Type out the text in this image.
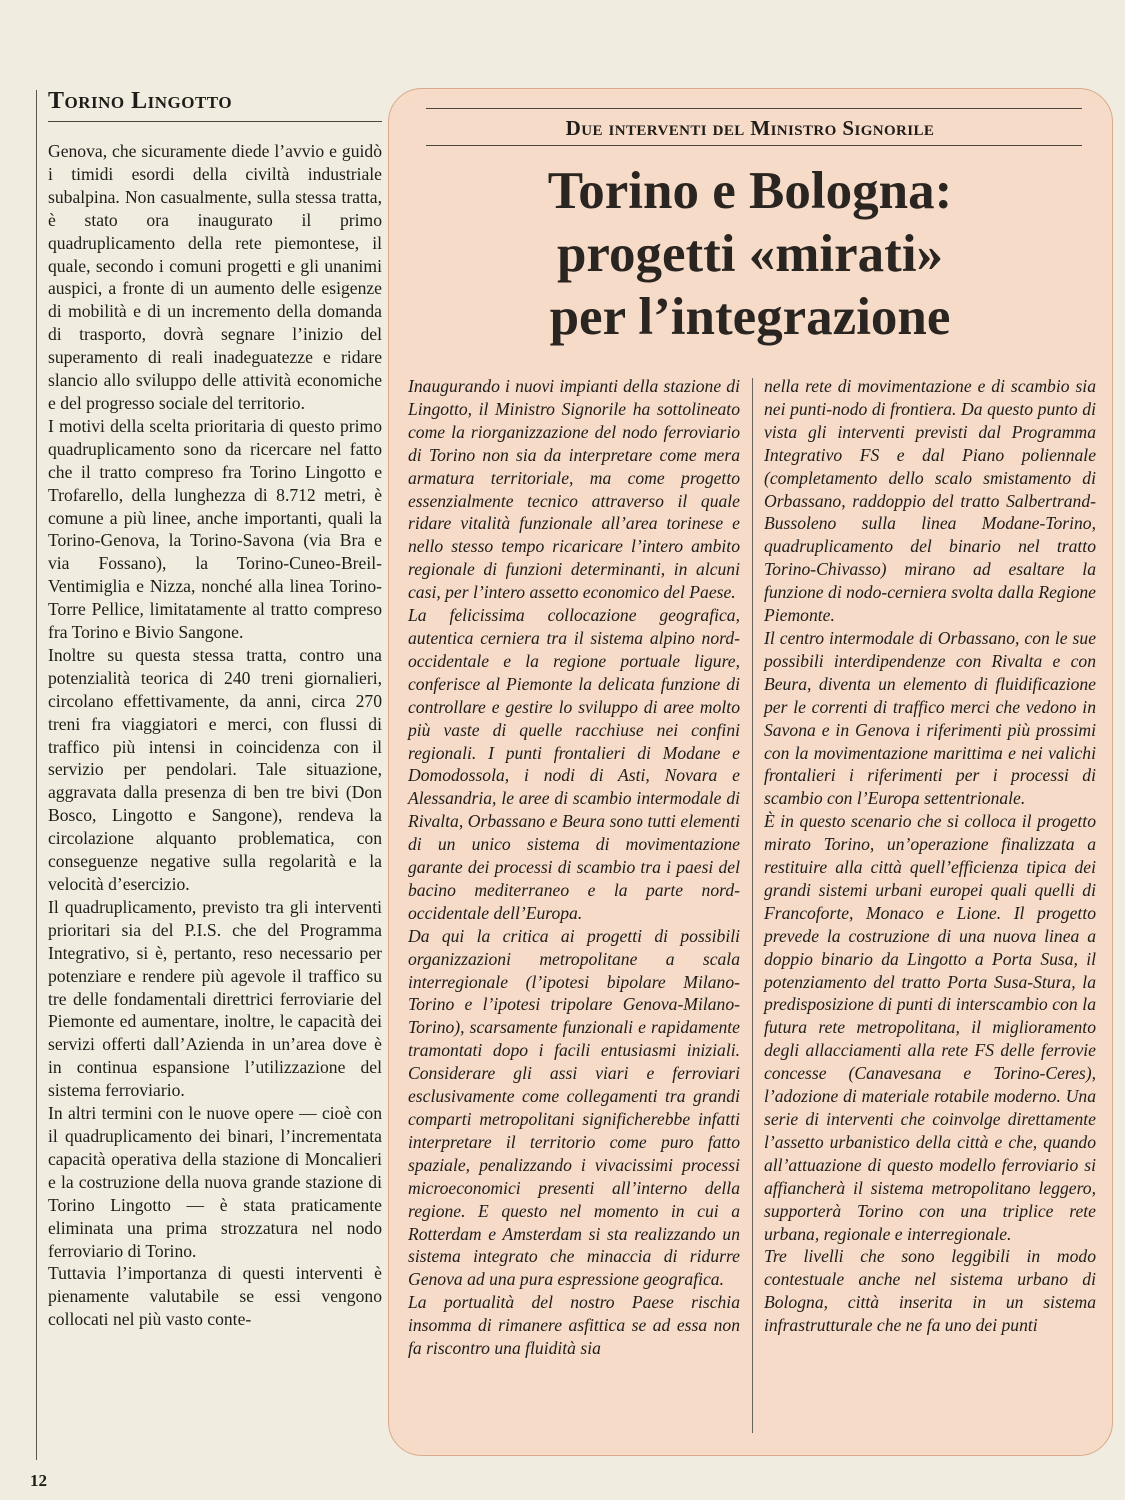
Torino Lingotto

Genova, che sicuramente diede l’avvio e guidò i timidi esordi della civiltà industriale subalpina. Non casualmente, sulla stessa tratta, è stato ora inaugurato il primo quadruplicamento della rete piemontese, il quale, secondo i comuni progetti e gli unanimi auspici, a fronte di un aumento delle esigenze di mobilità e di un incremento della domanda di trasporto, dovrà segnare l’inizio del superamento di reali inadeguatezze e ridare slancio allo sviluppo delle attività economiche e del progresso sociale del territorio.

I motivi della scelta prioritaria di questo primo quadruplicamento sono da ricercare nel fatto che il tratto compreso fra Torino Lingotto e Trofarello, della lunghezza di 8.712 metri, è comune a più linee, anche importanti, quali la Torino-Genova, la Torino-Savona (via Bra e via Fossano), la Torino-Cuneo-Breil-Ventimiglia e Nizza, nonché alla linea Torino-Torre Pellice, limitatamente al tratto compreso fra Torino e Bivio Sangone.

Inoltre su questa stessa tratta, contro una potenzialità teorica di 240 treni giornalieri, circolano effettivamente, da anni, circa 270 treni fra viaggiatori e merci, con flussi di traffico più intensi in coincidenza con il servizio per pendolari. Tale situazione, aggravata dalla presenza di ben tre bivi (Don Bosco, Lingotto e Sangone), rendeva la circolazione alquanto problematica, con conseguenze negative sulla regolarità e la velocità d’esercizio.

Il quadruplicamento, previsto tra gli interventi prioritari sia del P.I.S. che del Programma Integrativo, si è, pertanto, reso necessario per potenziare e rendere più agevole il traffico su tre delle fondamentali direttrici ferroviarie del Piemonte ed aumentare, inoltre, le capacità dei servizi offerti dall’Azienda in un’area dove è in continua espansione l’utilizzazione del sistema ferroviario.

In altri termini con le nuove opere — cioè con il quadruplicamento dei binari, l’incrementata capacità operativa della stazione di Moncalieri e la costruzione della nuova grande stazione di Torino Lingotto — è stata praticamente eliminata una prima strozzatura nel nodo ferroviario di Torino.

Tuttavia l’importanza di questi interventi è pienamente valutabile se essi vengono collocati nel più vasto conte-

Due interventi del Ministro Signorile
Torino e Bologna:
progetti «mirati»
per l’integrazione

Inaugurando i nuovi impianti della stazione di Lingotto, il Ministro Signorile ha sottolineato come la riorganizzazione del nodo ferroviario di Torino non sia da interpretare come mera armatura territoriale, ma come progetto essenzialmente tecnico attraverso il quale ridare vitalità funzionale all’area torinese e nello stesso tempo ricaricare l’intero ambito regionale di funzioni determinanti, in alcuni casi, per l’intero assetto economico del Paese.

La felicissima collocazione geografica, autentica cerniera tra il sistema alpino nord-occidentale e la regione portuale ligure, conferisce al Piemonte la delicata funzione di controllare e gestire lo sviluppo di aree molto più vaste di quelle racchiuse nei confini regionali. I punti frontalieri di Modane e Domodossola, i nodi di Asti, Novara e Alessandria, le aree di scambio intermodale di Rivalta, Orbassano e Beura sono tutti elementi di un unico sistema di movimentazione garante dei processi di scambio tra i paesi del bacino mediterraneo e la parte nord-occidentale dell’Europa.

Da qui la critica ai progetti di possibili organizzazioni metropolitane a scala interregionale (l’ipotesi bipolare Milano-Torino e l’ipotesi tripolare Genova-Milano-Torino), scarsamente funzionali e rapidamente tramontati dopo i facili entusiasmi iniziali. Considerare gli assi viari e ferroviari esclusivamente come collegamenti tra grandi comparti metropolitani significherebbe infatti interpretare il territorio come puro fatto spaziale, penalizzando i vivacissimi processi microeconomici presenti all’interno della regione. E questo nel momento in cui a Rotterdam e Amsterdam si sta realizzando un sistema integrato che minaccia di ridurre Genova ad una pura espressione geografica.

La portualità del nostro Paese rischia insomma di rimanere asfittica se ad essa non fa riscontro una fluidità sia

nella rete di movimentazione e di scambio sia nei punti-nodo di frontiera. Da questo punto di vista gli interventi previsti dal Programma Integrativo FS e dal Piano poliennale (completamento dello scalo smistamento di Orbassano, raddoppio del tratto Salbertrand-Bussoleno sulla linea Modane-Torino, quadruplicamento del binario nel tratto Torino-Chivasso) mirano ad esaltare la funzione di nodo-cerniera svolta dalla Regione Piemonte.

Il centro intermodale di Orbassano, con le sue possibili interdipendenze con Rivalta e con Beura, diventa un elemento di fluidificazione per le correnti di traffico merci che vedono in Savona e in Genova i riferimenti più prossimi con la movimentazione marittima e nei valichi frontalieri i riferimenti per i processi di scambio con l’Europa settentrionale.

È in questo scenario che si colloca il progetto mirato Torino, un’operazione finalizzata a restituire alla città quell’efficienza tipica dei grandi sistemi urbani europei quali quelli di Francoforte, Monaco e Lione. Il progetto prevede la costruzione di una nuova linea a doppio binario da Lingotto a Porta Susa, il potenziamento del tratto Porta Susa-Stura, la predisposizione di punti di interscambio con la futura rete metropolitana, il miglioramento degli allacciamenti alla rete FS delle ferrovie concesse (Canavesana e Torino-Ceres), l’adozione di materiale rotabile moderno. Una serie di interventi che coinvolge direttamente l’assetto urbanistico della città e che, quando all’attuazione di questo modello ferroviario si affiancherà il sistema metropolitano leggero, supporterà Torino con una triplice rete urbana, regionale e interregionale.

Tre livelli che sono leggibili in modo contestuale anche nel sistema urbano di Bologna, città inserita in un sistema infrastrutturale che ne fa uno dei punti

12
